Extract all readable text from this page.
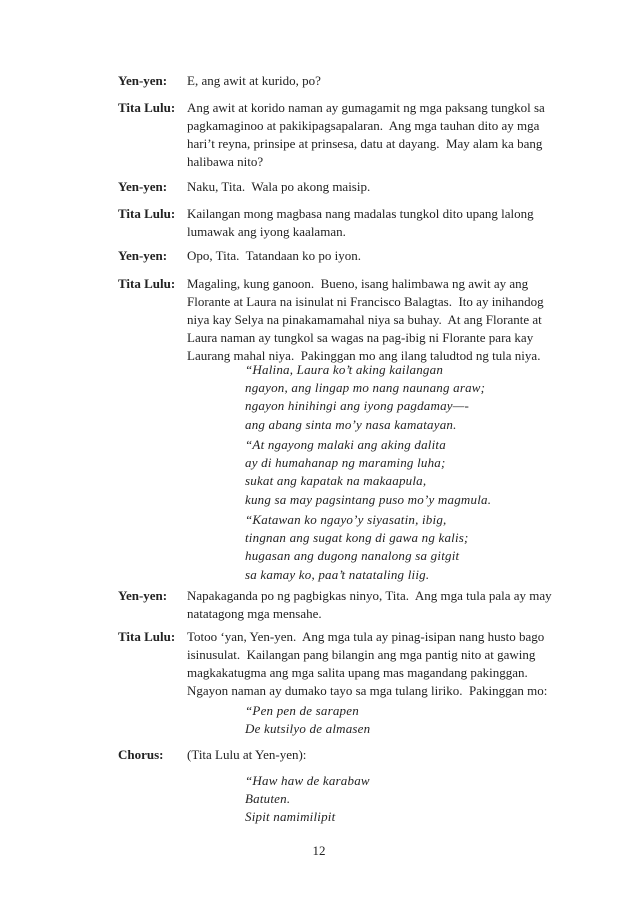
Yen-yen:	E, ang awit at kurido, po?
Tita Lulu: Ang awit at korido naman ay gumagamit ng mga paksang tungkol sa
pagkamaginoo at pakikipagsapalaran.  Ang mga tauhan dito ay mga
hari’t reyna, prinsipe at prinsesa, datu at dayang.  May alam ka bang
halibawa nito?
Yen-yen:	Naku, Tita.  Wala po akong maisip.
Tita Lulu: Kailangan mong magbasa nang madalas tungkol dito upang lalong
lumawak ang iyong kaalaman.
Yen-yen:	Opo, Tita.  Tatandaan ko po iyon.
Tita Lulu: Magaling, kung ganoon.  Bueno, isang halimbawa ng awit ay ang
Florante at Laura na isinulat ni Francisco Balagtas.  Ito ay inihandog
niya kay Selya na pinakamamahal niya sa buhay.  At ang Florante at
Laura naman ay tungkol sa wagas na pag-ibig ni Florante para kay
Laurang mahal niya.  Pakinggan mo ang ilang taludtod ng tula niya.
“Halina, Laura ko’t aking kailangan
ngayon, ang lingap mo nang naunang araw;
ngayon hinihingi ang iyong pagdamay—-
ang abang sinta mo’y nasa kamatayan.
“At ngayong malaki ang aking dalita
ay di humahanap ng maraming luha;
sukat ang kapatak na makaapula,
kung sa may pagsintang puso mo’y magmula.
“Katawan ko ngayo’y siyasatin, ibig,
tingnan ang sugat kong di gawa ng kalis;
hugasan ang dugong nanalong sa gitgit
sa kamay ko, paa’t natataling liig.
Yen-yen:	Napakaganda po ng pagbigkas ninyo, Tita.  Ang mga tula pala ay may
natatagong mga mensahe.
Tita Lulu: Totoo ‘yan, Yen-yen.  Ang mga tula ay pinag-isipan nang husto bago
isinusulat.  Kailangan pang bilangin ang mga pantig nito at gawing
magkakatugma ang mga salita upang mas magandang pakinggan.
Ngayon naman ay dumako tayo sa mga tulang liriko.  Pakinggan mo:
“Pen pen de sarapen
De kutsilyo de almasen
Chorus:	(Tita Lulu at Yen-yen):
“Haw haw de karabaw
Batuten.
Sipit namimilipit
12
